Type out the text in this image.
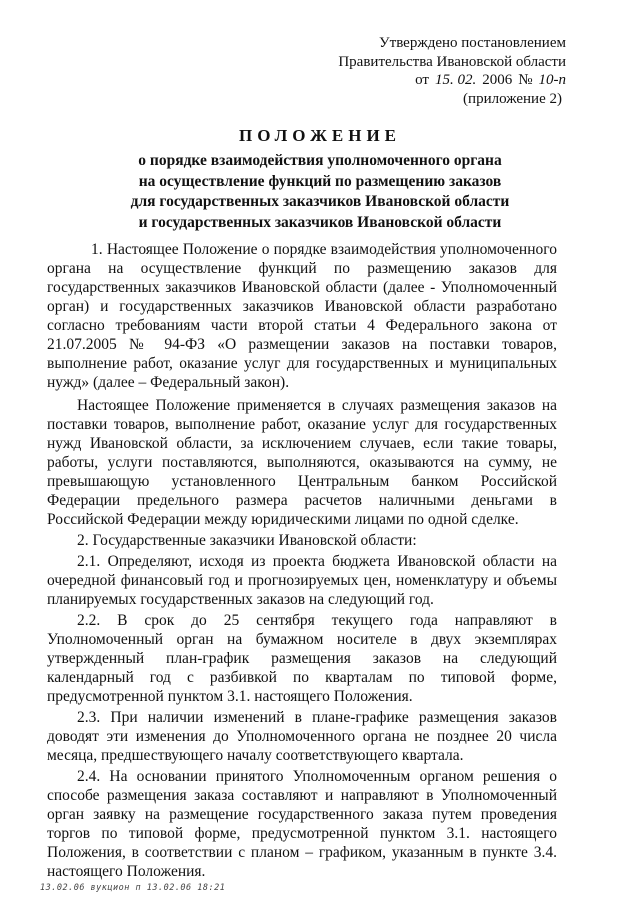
Утверждено постановлением
Правительства Ивановской области
от 15. 02. 2006 № 10-п
(приложение 2)
ПОЛОЖЕНИЕ
о порядке взаимодействия уполномоченного органа
на осуществление функций по размещению заказов
для государственных заказчиков Ивановской области
и государственных заказчиков Ивановской области

1. Настоящее Положение о порядке взаимодействия уполномоченного органа на осуществление функций по размещению заказов для государственных заказчиков Ивановской области (далее - Уполномоченный орган) и государственных заказчиков Ивановской области разработано согласно требованиям части второй статьи 4 Федерального закона от 21.07.2005 № 94-ФЗ «О размещении заказов на поставки товаров, выполнение работ, оказание услуг для государственных и муниципальных нужд» (далее – Федеральный закон).

Настоящее Положение применяется в случаях размещения заказов на поставки товаров, выполнение работ, оказание услуг для государственных нужд Ивановской области, за исключением случаев, если такие товары, работы, услуги поставляются, выполняются, оказываются на сумму, не превышающую установленного Центральным банком Российской Федерации предельного размера расчетов наличными деньгами в Российской Федерации между юридическими лицами по одной сделке.

2. Государственные заказчики Ивановской области:

2.1. Определяют, исходя из проекта бюджета Ивановской области на очередной финансовый год и прогнозируемых цен, номенклатуру и объемы планируемых государственных заказов на следующий год.

2.2. В срок до 25 сентября текущего года направляют в Уполномоченный орган на бумажном носителе в двух экземплярах утвержденный план-график размещения заказов на следующий календарный год с разбивкой по кварталам по типовой форме, предусмотренной пунктом 3.1. настоящего Положения.

2.3. При наличии изменений в плане-графике размещения заказов доводят эти изменения до Уполномоченного органа не позднее 20 числа месяца, предшествующего началу соответствующего квартала.

2.4. На основании принятого Уполномоченным органом решения о способе размещения заказа составляют и направляют в Уполномоченный орган заявку на размещение государственного заказа путем проведения торгов по типовой форме, предусмотренной пунктом 3.1. настоящего Положения, в соответствии с планом – графиком, указанным в пункте 3.4. настоящего Положения.

13.02.06 вукцион п 13.02.06 18:21
